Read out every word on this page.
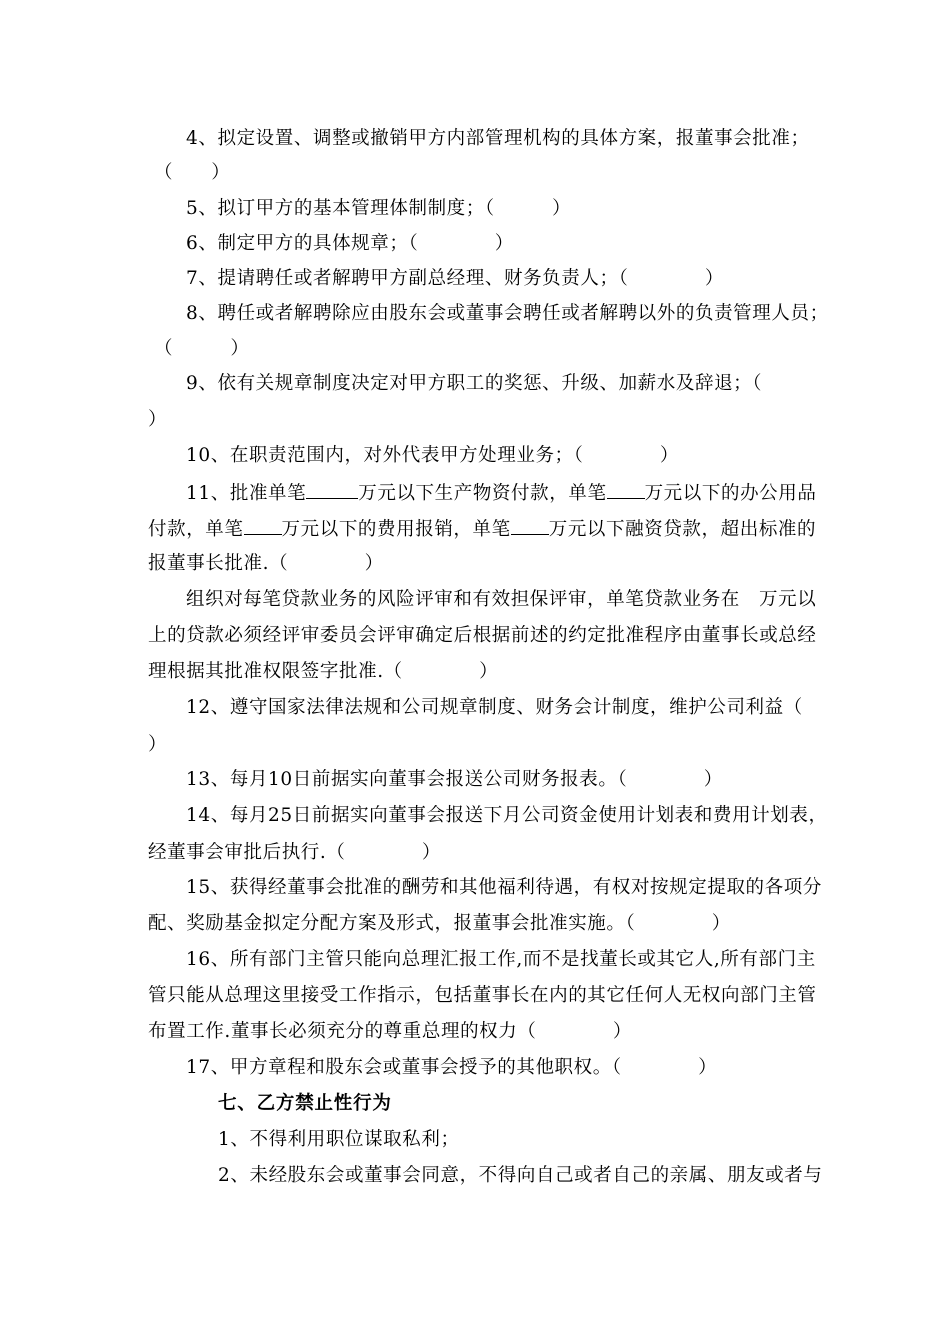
4、拟定设置、调整或撤销甲方内部管理机构的具体方案，报董事会批准；
（　　）
5、拟订甲方的基本管理体制制度；（　　　）
6、制定甲方的具体规章；（　　　　）
7、提请聘任或者解聘甲方副总经理、财务负责人；（　　　　）
8、聘任或者解聘除应由股东会或董事会聘任或者解聘以外的负责管理人员；
（　　　）
9、依有关规章制度决定对甲方职工的奖惩、升级、加薪水及辞退；（
）
10、在职责范围内，对外代表甲方处理业务；（　　　　）
11、批准单笔	万元以下生产物资付款，单笔 万元以下的办公用品
付款，单笔 万元以下的费用报销，单笔 万元以下融资贷款，超出标准的
报董事长批准.（　　　　）
组织对每笔贷款业务的风险评审和有效担保评审，单笔贷款业务在　万元以
上的贷款必须经评审委员会评审确定后根据前述的约定批准程序由董事长或总经
理根据其批准权限签字批准.（　　　　）
12、遵守国家法律法规和公司规章制度、财务会计制度，维护公司利益（
）
13、每月10日前据实向董事会报送公司财务报表。（　　　　）
14、每月25日前据实向董事会报送下月公司资金使用计划表和费用计划表，
经董事会审批后执行.（　　　　）
15、获得经董事会批准的酬劳和其他福利待遇，有权对按规定提取的各项分
配、奖励基金拟定分配方案及形式，报董事会批准实施。（　　　　）
16、所有部门主管只能向总理汇报工作,而不是找董长或其它人,所有部门主
管只能从总理这里接受工作指示，包括董事长在内的其它任何人无权向部门主管
布置工作.董事长必须充分的尊重总理的权力（　　　　）
17、甲方章程和股东会或董事会授予的其他职权。（　　　　）
七、乙方禁止性行为
1、不得利用职位谋取私利；
2、未经股东会或董事会同意，不得向自己或者自己的亲属、朋友或者与
